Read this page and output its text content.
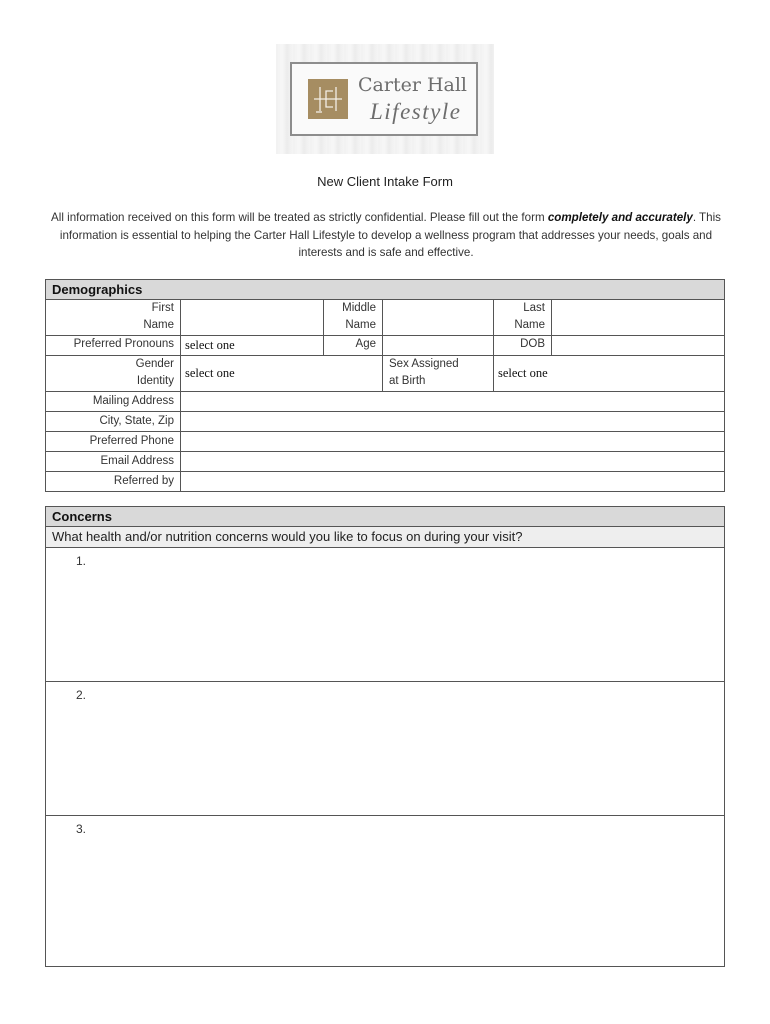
Carter Hall
Lifestyle
New Client Intake Form
All information received on this form will be treated as strictly confidential. Please fill out the form completely and accurately. This information is essential to helping the Carter Hall Lifestyle to develop a wellness program that addresses your needs, goals and interests and is safe and effective.
Demographics
First Name
Middle Name
Last Name
Preferred Pronouns select one	Age	DOB
Gender Identity
select one
Sex Assigned at Birth
select one
Mailing Address
City, State, Zip
Preferred Phone
Email Address
Referred by
Concerns
What health and/or nutrition concerns would you like to focus on during your visit?
1.
2.
3.
